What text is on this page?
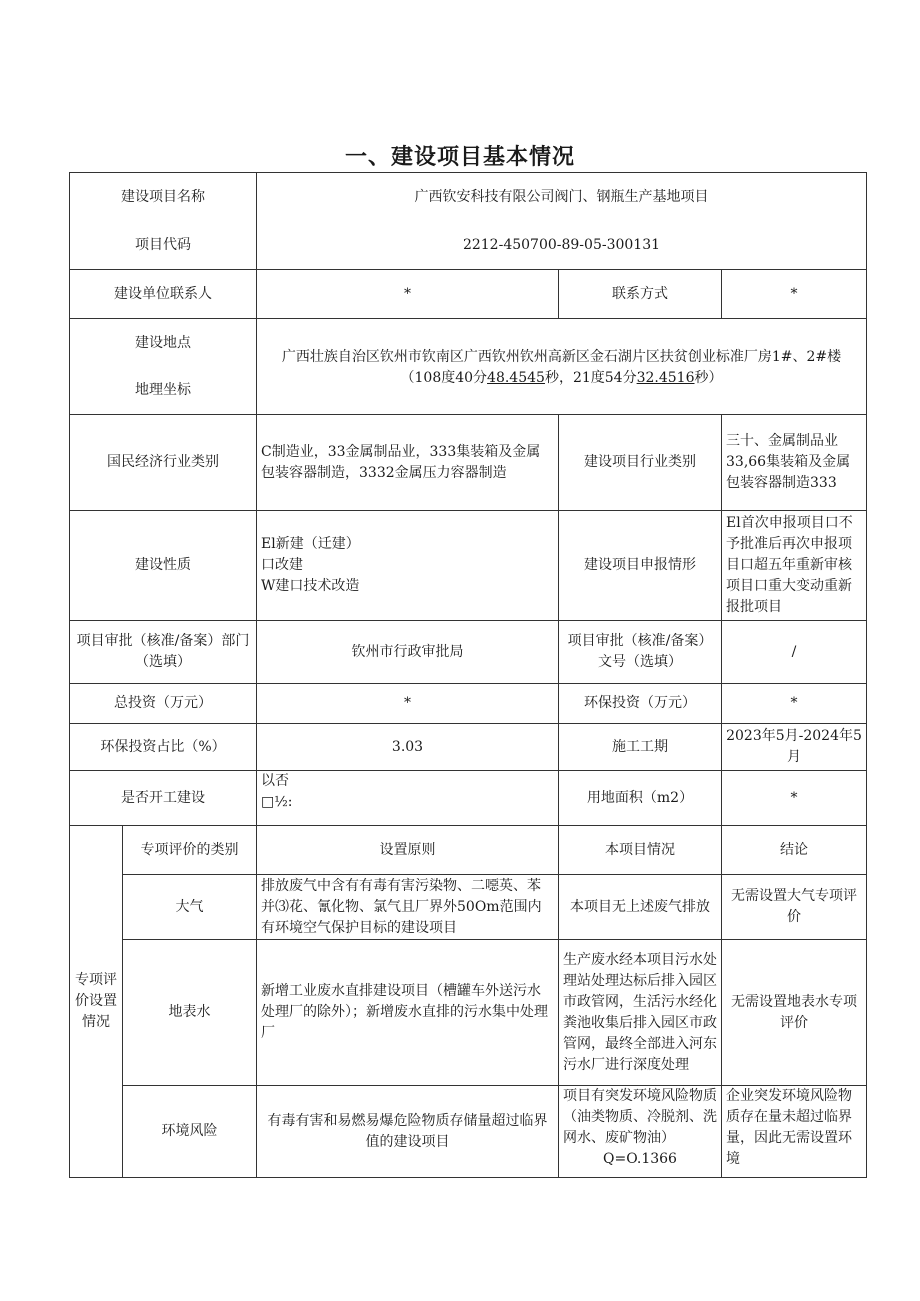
一、建设项目基本情况
建设项目名称		广西钦安科技有限公司阀门、钢瓶生产基地项目		
项目代码		2212-450700-89-05-300131		
建设单位联系人		*	联系方式	*
建设地点		广西壮族自治区钦州市钦南区广西钦州钦州高新区金石湖片区扶贫创业标准厂房1#、2#楼		
地理坐标		（108度40分48.4545秒，21度54分32.4516秒）		
国民经济行业类别		C制造业，33金属制品业，333集装箱及金属包装容器制造，3332金属压力容器制造	建设项目行业类别	三十、金属制品业33,66集装箱及金属包装容器制造333
建设性质		El新建（迁建）
口改建
W建口技术改造	建设项目申报情形	El首次申报项目口不予批准后再次申报项目口超五年重新审核项目口重大变动重新报批项目
项目审批（核准/备案）部门（选填）		钦州市行政审批局	项目审批（核准/备案）文号（选填）	/
总投资（万元）		*	环保投资（万元）	*
环保投资占比（%）		3.03	施工工期	2023年5月-2024年5月
是否开工建设		以否
□½:	用地面积（m2）	*
专项评价设置情况	专项评价的类别	设置原则	本项目情况	结论
	大气	排放废气中含有有毒有害污染物、二噁英、苯并⑶花、氰化物、氯气且厂界外50Om范围内有环境空气保护目标的建设项目	本项目无上述废气排放	无需设置大气专项评价
	地表水	新增工业废水直排建设项目（槽罐车外送污水处理厂的除外）；新增废水直排的污水集中处理厂	生产废水经本项目污水处理站处理达标后排入园区市政管网，生活污水经化粪池收集后排入园区市政管网，最终全部进入河东污水厂进行深度处理	无需设置地表水专项评价
	环境风险	有毒有害和易燃易爆危险物质存储量超过临界值的建设项目	项目有突发环境风险物质（油类物质、冷脱剂、洗网水、废矿物油）
Q=O.1366	企业突发环境风险物质存在量未超过临界量，因此无需设置环境
